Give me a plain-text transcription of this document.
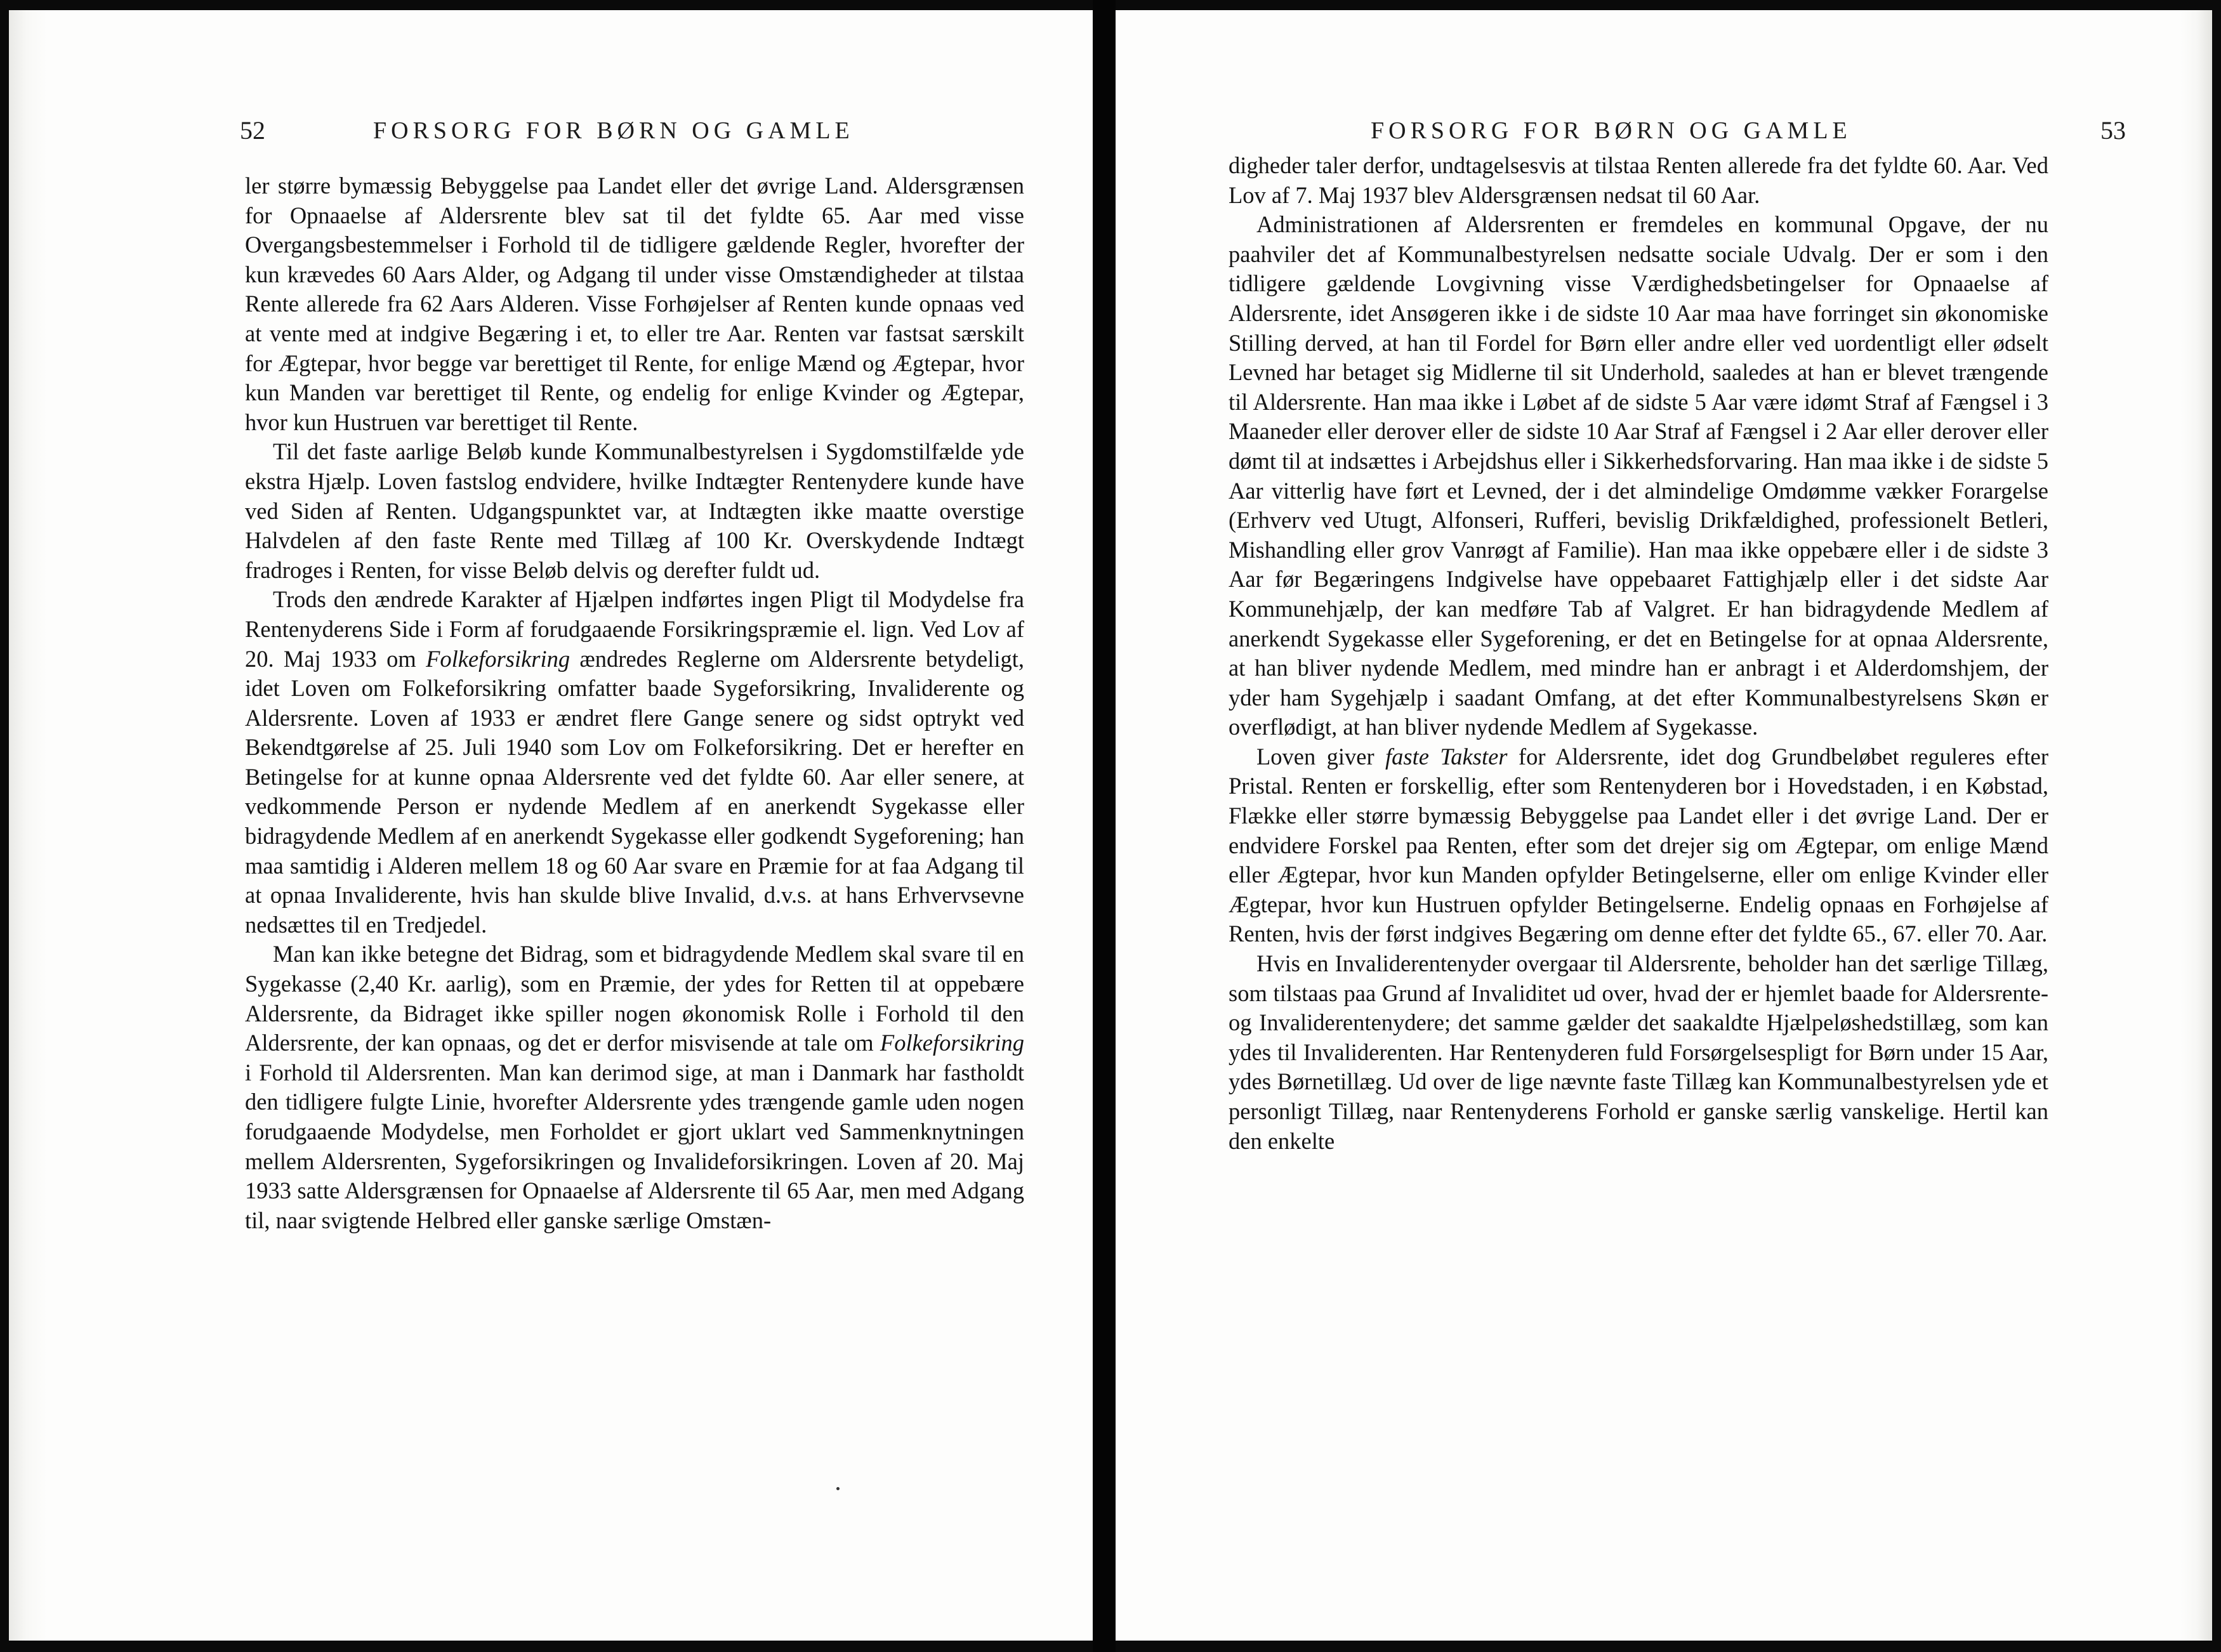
52	FORSORG FOR BØRN OG GAMLE	FORSORG FOR BØRN OG GAMLE	53

ler større bymæssig Bebyggelse paa Landet eller det øvrige Land. Aldersgrænsen for Opnaaelse af Aldersrente blev sat til det fyldte 65. Aar med visse Overgangsbestemmelser i Forhold til de tidligere gældende Regler, hvorefter der kun krævedes 60 Aars Alder, og Adgang til under visse Omstændigheder at tilstaa Rente allerede fra 62 Aars Alderen. Visse Forhøjelser af Renten kunde opnaas ved at vente med at indgive Begæring i et, to eller tre Aar. Renten var fastsat særskilt for Ægtepar, hvor begge var berettiget til Rente, for enlige Mænd og Ægtepar, hvor kun Manden var berettiget til Rente, og endelig for enlige Kvinder og Ægtepar, hvor kun Hustruen var berettiget til Rente.

Til det faste aarlige Beløb kunde Kommunalbestyrelsen i Sygdomstilfælde yde ekstra Hjælp. Loven fastslog endvidere, hvilke Indtægter Rentenydere kunde have ved Siden af Renten. Udgangspunktet var, at Indtægten ikke maatte overstige Halvdelen af den faste Rente med Tillæg af 100 Kr. Overskydende Indtægt fradroges i Renten, for visse Beløb delvis og derefter fuldt ud.

Trods den ændrede Karakter af Hjælpen indførtes ingen Pligt til Modydelse fra Rentenyderens Side i Form af forudgaaende Forsikringspræmie el. lign. Ved Lov af 20. Maj 1933 om Folkeforsikring ændredes Reglerne om Aldersrente betydeligt, idet Loven om Folkeforsikring omfatter baade Sygeforsikring, Invaliderente og Aldersrente. Loven af 1933 er ændret flere Gange senere og sidst optrykt ved Bekendtgørelse af 25. Juli 1940 som Lov om Folkeforsikring. Det er herefter en Betingelse for at kunne opnaa Aldersrente ved det fyldte 60. Aar eller senere, at vedkommende Person er nydende Medlem af en anerkendt Sygekasse eller bidragydende Medlem af en anerkendt Sygekasse eller godkendt Sygeforening; han maa samtidig i Alderen mellem 18 og 60 Aar svare en Præmie for at faa Adgang til at opnaa Invaliderente, hvis han skulde blive Invalid, d.v.s. at hans Erhvervsevne nedsættes til en Tredjedel.

Man kan ikke betegne det Bidrag, som et bidragydende Medlem skal svare til en Sygekasse (2,40 Kr. aarlig), som en Præmie, der ydes for Retten til at oppebære Aldersrente, da Bidraget ikke spiller nogen økonomisk Rolle i Forhold til den Aldersrente, der kan opnaas, og det er derfor misvisende at tale om Folkeforsikring i Forhold til Aldersrenten. Man kan derimod sige, at man i Danmark har fastholdt den tidligere fulgte Linie, hvorefter Aldersrente ydes trængende gamle uden nogen forudgaaende Modydelse, men Forholdet er gjort uklart ved Sammenknytningen mellem Aldersrenten, Sygeforsikringen og Invalideforsikringen. Loven af 20. Maj 1933 satte Aldersgrænsen for Opnaaelse af Aldersrente til 65 Aar, men med Adgang til, naar svigtende Helbred eller ganske særlige Omstæn-

digheder taler derfor, undtagelsesvis at tilstaa Renten allerede fra det fyldte 60. Aar. Ved Lov af 7. Maj 1937 blev Aldersgrænsen nedsat til 60 Aar.

Administrationen af Aldersrenten er fremdeles en kommunal Opgave, der nu paahviler det af Kommunalbestyrelsen nedsatte sociale Udvalg. Der er som i den tidligere gældende Lovgivning visse Værdighedsbetingelser for Opnaaelse af Aldersrente, idet Ansøgeren ikke i de sidste 10 Aar maa have forringet sin økonomiske Stilling derved, at han til Fordel for Børn eller andre eller ved uordentligt eller ødselt Levned har betaget sig Midlerne til sit Underhold, saaledes at han er blevet trængende til Aldersrente. Han maa ikke i Løbet af de sidste 5 Aar være idømt Straf af Fængsel i 3 Maaneder eller derover eller de sidste 10 Aar Straf af Fængsel i 2 Aar eller derover eller dømt til at indsættes i Arbejdshus eller i Sikkerhedsforvaring. Han maa ikke i de sidste 5 Aar vitterlig have ført et Levned, der i det almindelige Omdømme vækker Forargelse (Erhverv ved Utugt, Alfonseri, Rufferi, bevislig Drikfældighed, professionelt Betleri, Mishandling eller grov Vanrøgt af Familie). Han maa ikke oppebære eller i de sidste 3 Aar før Begæringens Indgivelse have oppebaaret Fattighjælp eller i det sidste Aar Kommunehjælp, der kan medføre Tab af Valgret. Er han bidragydende Medlem af anerkendt Sygekasse eller Sygeforening, er det en Betingelse for at opnaa Aldersrente, at han bliver nydende Medlem, med mindre han er anbragt i et Alderdomshjem, der yder ham Sygehjælp i saadant Omfang, at det efter Kommunalbestyrelsens Skøn er overflødigt, at han bliver nydende Medlem af Sygekasse.

Loven giver faste Takster for Aldersrente, idet dog Grundbeløbet reguleres efter Pristal. Renten er forskellig, efter som Rentenyderen bor i Hovedstaden, i en Købstad, Flække eller større bymæssig Bebyggelse paa Landet eller i det øvrige Land. Der er endvidere Forskel paa Renten, efter som det drejer sig om Ægtepar, om enlige Mænd eller Ægtepar, hvor kun Manden opfylder Betingelserne, eller om enlige Kvinder eller Ægtepar, hvor kun Hustruen opfylder Betingelserne. Endelig opnaas en Forhøjelse af Renten, hvis der først indgives Begæring om denne efter det fyldte 65., 67. eller 70. Aar.

Hvis en Invaliderentenyder overgaar til Aldersrente, beholder han det særlige Tillæg, som tilstaas paa Grund af Invaliditet ud over, hvad der er hjemlet baade for Aldersrente- og Invaliderentenydere; det samme gælder det saakaldte Hjælpeløshedstillæg, som kan ydes til Invaliderenten. Har Rentenyderen fuld Forsørgelsespligt for Børn under 15 Aar, ydes Børnetillæg. Ud over de lige nævnte faste Tillæg kan Kommunalbestyrelsen yde et personligt Tillæg, naar Rentenyderens Forhold er ganske særlig vanskelige. Hertil kan den enkelte
